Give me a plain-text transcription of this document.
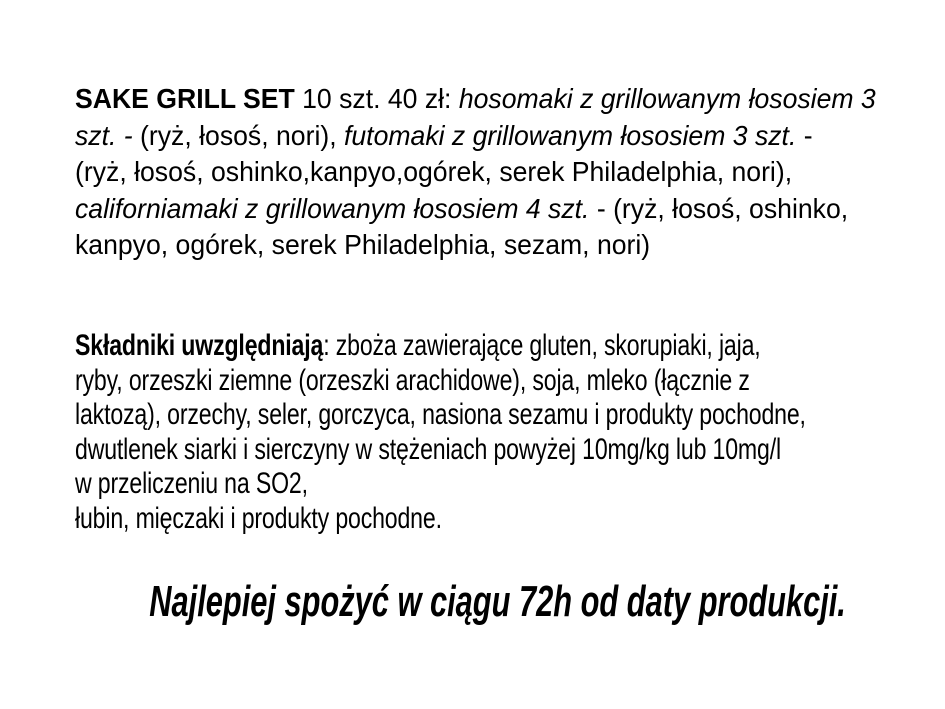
SAKE GRILL SET 10 szt. 40 zł: hosomaki z grillowanym łososiem 3
szt. - (ryż, łosoś, nori), futomaki z grillowanym łososiem 3 szt. -
(ryż, łosoś, oshinko,kanpyo,ogórek, serek Philadelphia, nori),
californiamaki z grillowanym łososiem 4 szt. - (ryż, łosoś, oshinko,
kanpyo, ogórek, serek Philadelphia, sezam, nori)
Składniki uwzględniają: zboża zawierające gluten, skorupiaki, jaja,
ryby, orzeszki ziemne (orzeszki arachidowe), soja, mleko (łącznie z
laktozą), orzechy, seler, gorczyca, nasiona sezamu i produkty pochodne,
dwutlenek siarki i sierczyny w stężeniach powyżej 10mg/kg lub 10mg/l
w przeliczeniu na SO2,
łubin, mięczaki i produkty pochodne.
Najlepiej spożyć w ciągu 72h od daty produkcji.
